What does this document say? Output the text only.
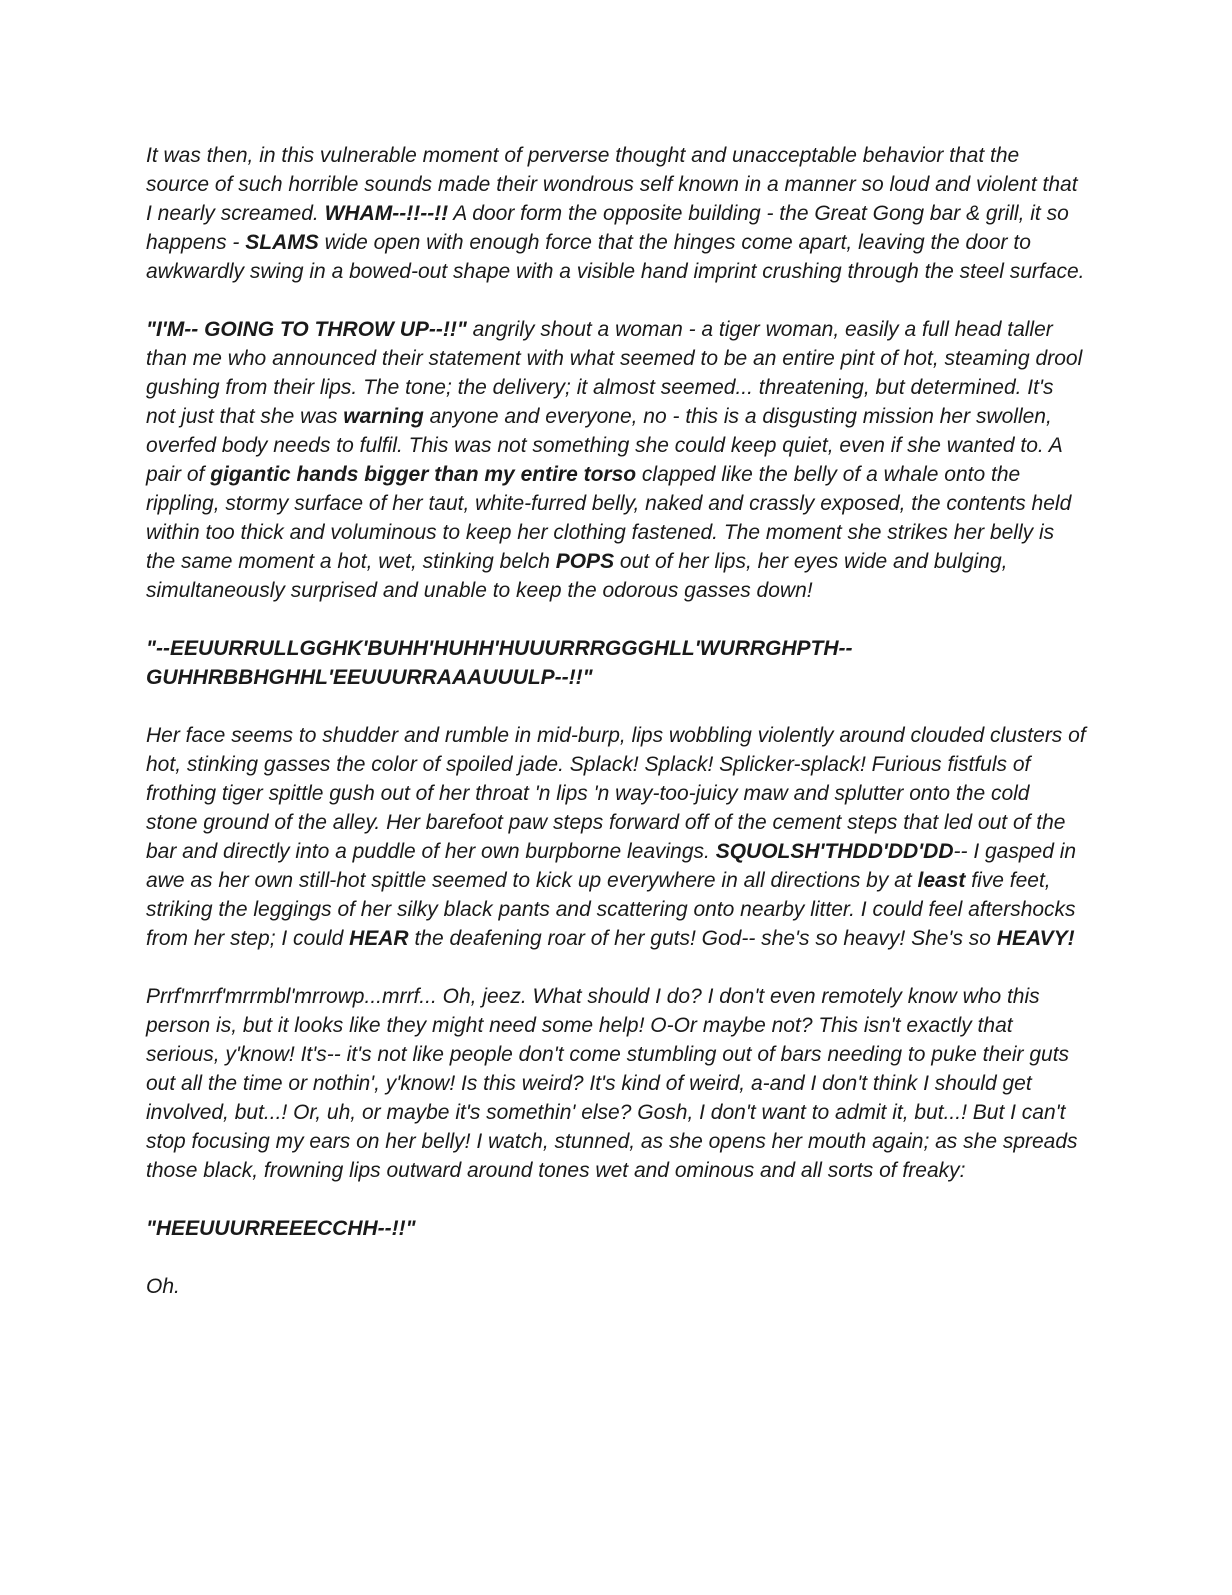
It was then, in this vulnerable moment of perverse thought and unacceptable behavior that the source of such horrible sounds made their wondrous self known in a manner so loud and violent that I nearly screamed. WHAM--!!--!! A door form the opposite building - the Great Gong bar & grill, it so happens - SLAMS wide open with enough force that the hinges come apart, leaving the door to awkwardly swing in a bowed-out shape with a visible hand imprint crushing through the steel surface.

"I'M-- GOING TO THROW UP--!!" angrily shout a woman - a tiger woman, easily a full head taller than me who announced their statement with what seemed to be an entire pint of hot, steaming drool gushing from their lips. The tone; the delivery; it almost seemed... threatening, but determined. It's not just that she was warning anyone and everyone, no - this is a disgusting mission her swollen, overfed body needs to fulfil. This was not something she could keep quiet, even if she wanted to. A pair of gigantic hands bigger than my entire torso clapped like the belly of a whale onto the rippling, stormy surface of her taut, white-furred belly, naked and crassly exposed, the contents held within too thick and voluminous to keep her clothing fastened. The moment she strikes her belly is the same moment a hot, wet, stinking belch POPS out of her lips, her eyes wide and bulging, simultaneously surprised and unable to keep the odorous gasses down!

"--EEUURRULLGGHK'BUHH'HUHH'HUUURRRGGGHLL'WURRGHPTH--GUHHRBBHGHHL'EEUUURRAAAUUULP--!!"

Her face seems to shudder and rumble in mid-burp, lips wobbling violently around clouded clusters of hot, stinking gasses the color of spoiled jade. Splack! Splack! Splicker-splack! Furious fistfuls of frothing tiger spittle gush out of her throat 'n lips 'n way-too-juicy maw and splutter onto the cold stone ground of the alley. Her barefoot paw steps forward off of the cement steps that led out of the bar and directly into a puddle of her own burpborne leavings. SQUOLSH'THDD'DD'DD-- I gasped in awe as her own still-hot spittle seemed to kick up everywhere in all directions by at least five feet, striking the leggings of her silky black pants and scattering onto nearby litter. I could feel aftershocks from her step; I could HEAR the deafening roar of her guts! God-- she's so heavy! She's so HEAVY!

Prrf'mrrf'mrrmbl'mrrowp...mrrf... Oh, jeez. What should I do? I don't even remotely know who this person is, but it looks like they might need some help! O-Or maybe not? This isn't exactly that serious, y'know! It's-- it's not like people don't come stumbling out of bars needing to puke their guts out all the time or nothin', y'know! Is this weird? It's kind of weird, a-and I don't think I should get involved, but...! Or, uh, or maybe it's somethin' else? Gosh, I don't want to admit it, but...! But I can't stop focusing my ears on her belly! I watch, stunned, as she opens her mouth again; as she spreads those black, frowning lips outward around tones wet and ominous and all sorts of freaky:

"HEEUUURREEECCHH--!!"

Oh.
